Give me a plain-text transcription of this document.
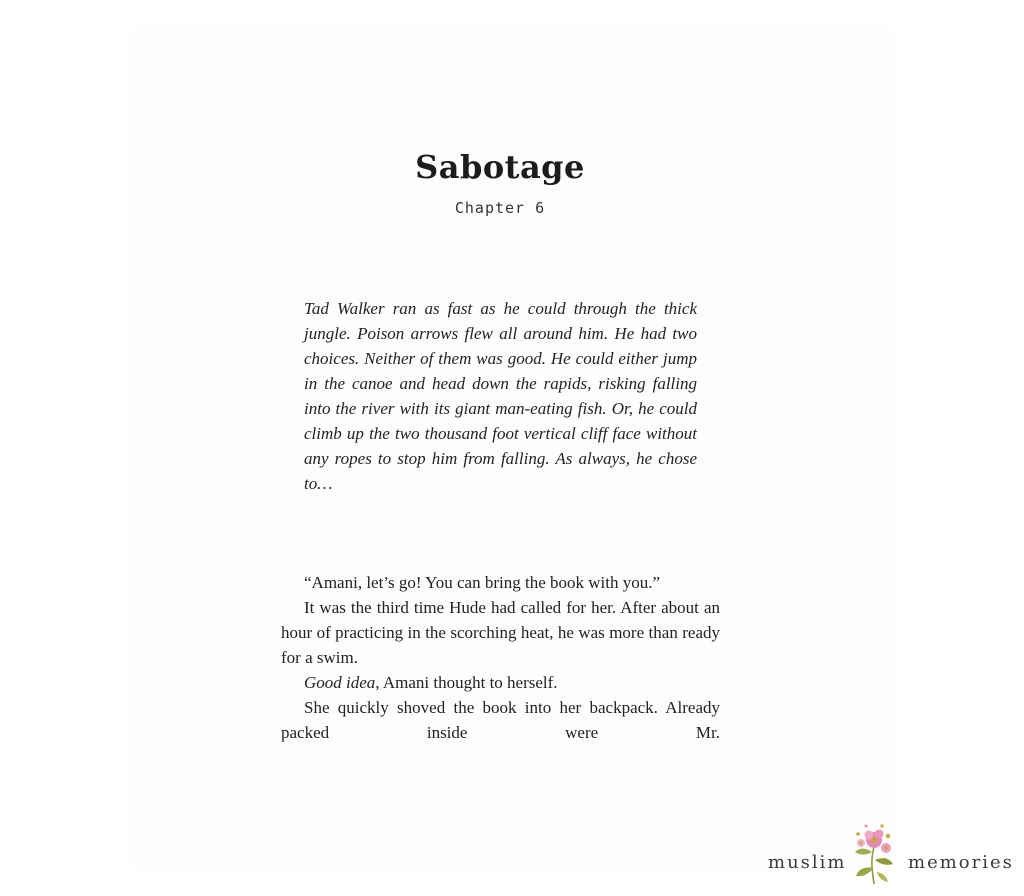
Sabotage
Chapter 6

Tad Walker ran as fast as he could through the thick jungle. Poison arrows flew all around him. He had two choices. Neither of them was good. He could either jump in the canoe and head down the rapids, risking falling into the river with its giant man-eating fish. Or, he could climb up the two thousand foot vertical cliff face without any ropes to stop him from falling. As always, he chose to…

“Amani, let’s go! You can bring the book with you.”

It was the third time Hude had called for her. After about an hour of practicing in the scorching heat, he was more than ready for a swim.

Good idea, Amani thought to herself.

She quickly shoved the book into her backpack. Already packed inside were Mr.

muslim	memories
